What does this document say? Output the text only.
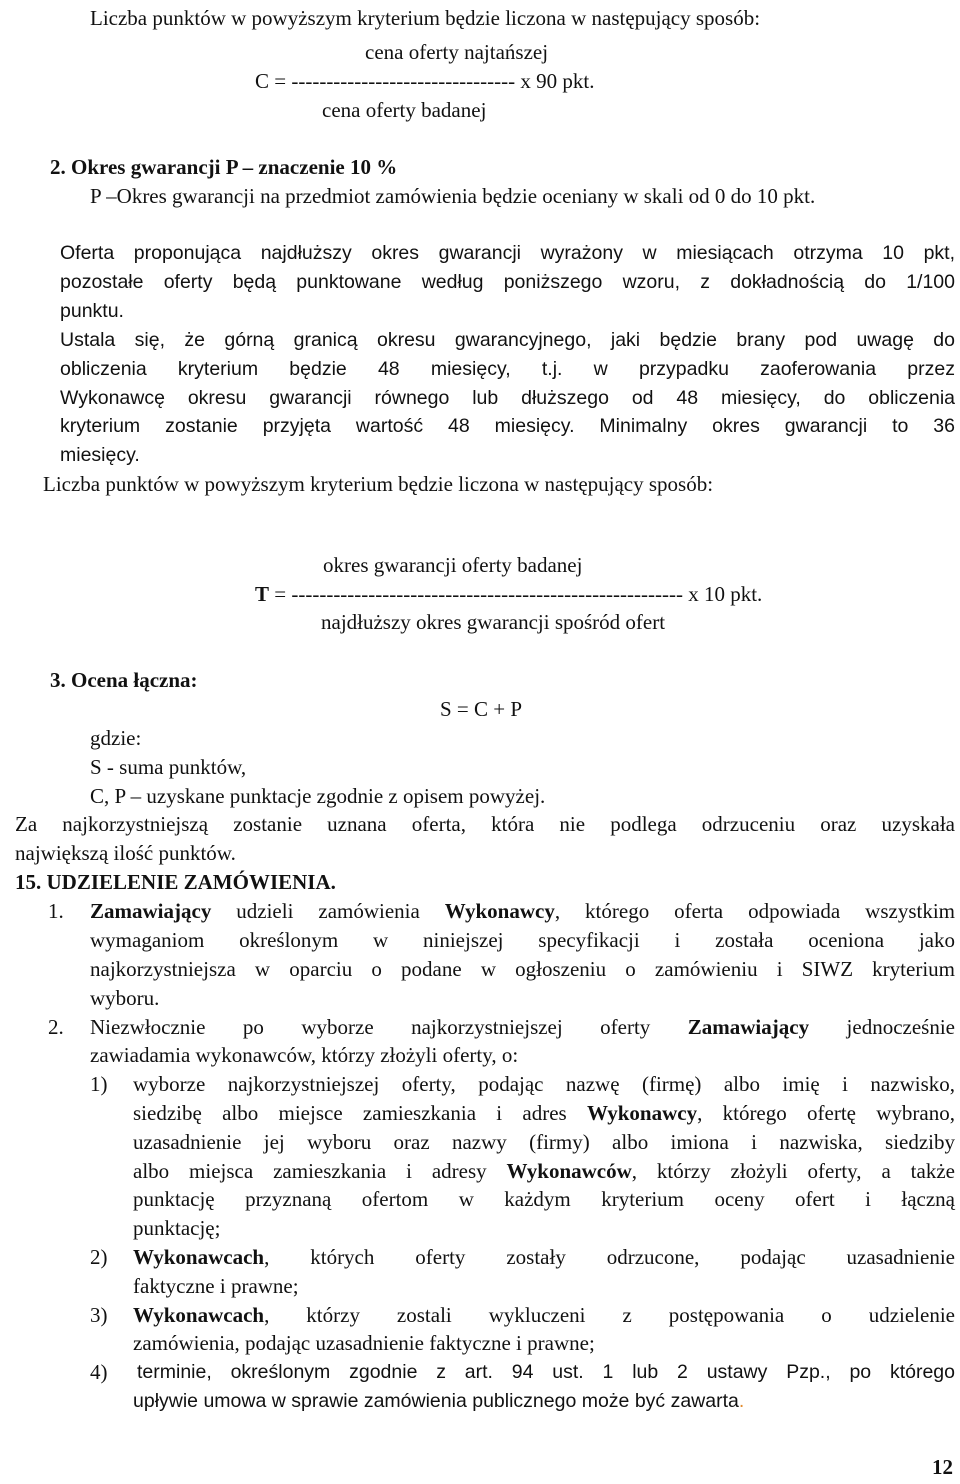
Liczba punktów w powyższym kryterium będzie liczona w następujący sposób:
cena oferty najtańszej
C = -------------------------------- x 90 pkt.
cena oferty badanej
2. Okres gwarancji P – znaczenie 10 %
P –Okres gwarancji na przedmiot zamówienia będzie oceniany w skali od 0 do 10 pkt.
Oferta proponująca najdłuższy okres gwarancji wyrażony w miesiącach otrzyma 10 pkt,
pozostałe oferty będą punktowane według poniższego wzoru, z dokładnością do 1/100
punktu.
Ustala się, że górną granicą okresu gwarancyjnego, jaki będzie brany pod uwagę do
obliczenia kryterium będzie 48 miesięcy, t.j. w przypadku zaoferowania przez
Wykonawcę okresu gwarancji równego lub dłuższego od 48 miesięcy, do obliczenia
kryterium zostanie przyjęta wartość 48 miesięcy. Minimalny okres gwarancji to 36
miesięcy.
Liczba punktów w powyższym kryterium będzie liczona w następujący sposób:
okres gwarancji oferty badanej
T = -------------------------------------------------------- x 10 pkt.
najdłuższy okres gwarancji spośród ofert
3. Ocena łączna:
S = C + P
gdzie:
S - suma punktów,
C, P – uzyskane punktacje zgodnie z opisem powyżej.
Za najkorzystniejszą zostanie uznana oferta, która nie podlega odrzuceniu oraz uzyskała
największą ilość punktów.
15. UDZIELENIE ZAMÓWIENIA.
1. Zamawiający udzieli zamówienia Wykonawcy, którego oferta odpowiada wszystkim
wymaganiom określonym w niniejszej specyfikacji i została oceniona jako
najkorzystniejsza w oparciu o podane w ogłoszeniu o zamówieniu i SIWZ kryterium
wyboru.
2. Niezwłocznie po wyborze najkorzystniejszej oferty Zamawiający jednocześnie
zawiadamia wykonawców, którzy złożyli oferty, o:
1) wyborze najkorzystniejszej oferty, podając nazwę (firmę) albo imię i nazwisko,
siedzibę albo miejsce zamieszkania i adres Wykonawcy, którego ofertę wybrano,
uzasadnienie jej wyboru oraz nazwy (firmy) albo imiona i nazwiska, siedziby
albo miejsca zamieszkania i adresy Wykonawców, którzy złożyli oferty, a także
punktację przyznaną ofertom w każdym kryterium oceny ofert i łączną
punktację;
2) Wykonawcach, których oferty zostały odrzucone, podając uzasadnienie
faktyczne i prawne;
3) Wykonawcach, którzy zostali wykluczeni z postępowania o udzielenie
zamówienia, podając uzasadnienie faktyczne i prawne;
4) terminie, określonym zgodnie z art. 94 ust. 1 lub 2 ustawy Pzp., po którego
upływie umowa w sprawie zamówienia publicznego może być zawarta.
12
